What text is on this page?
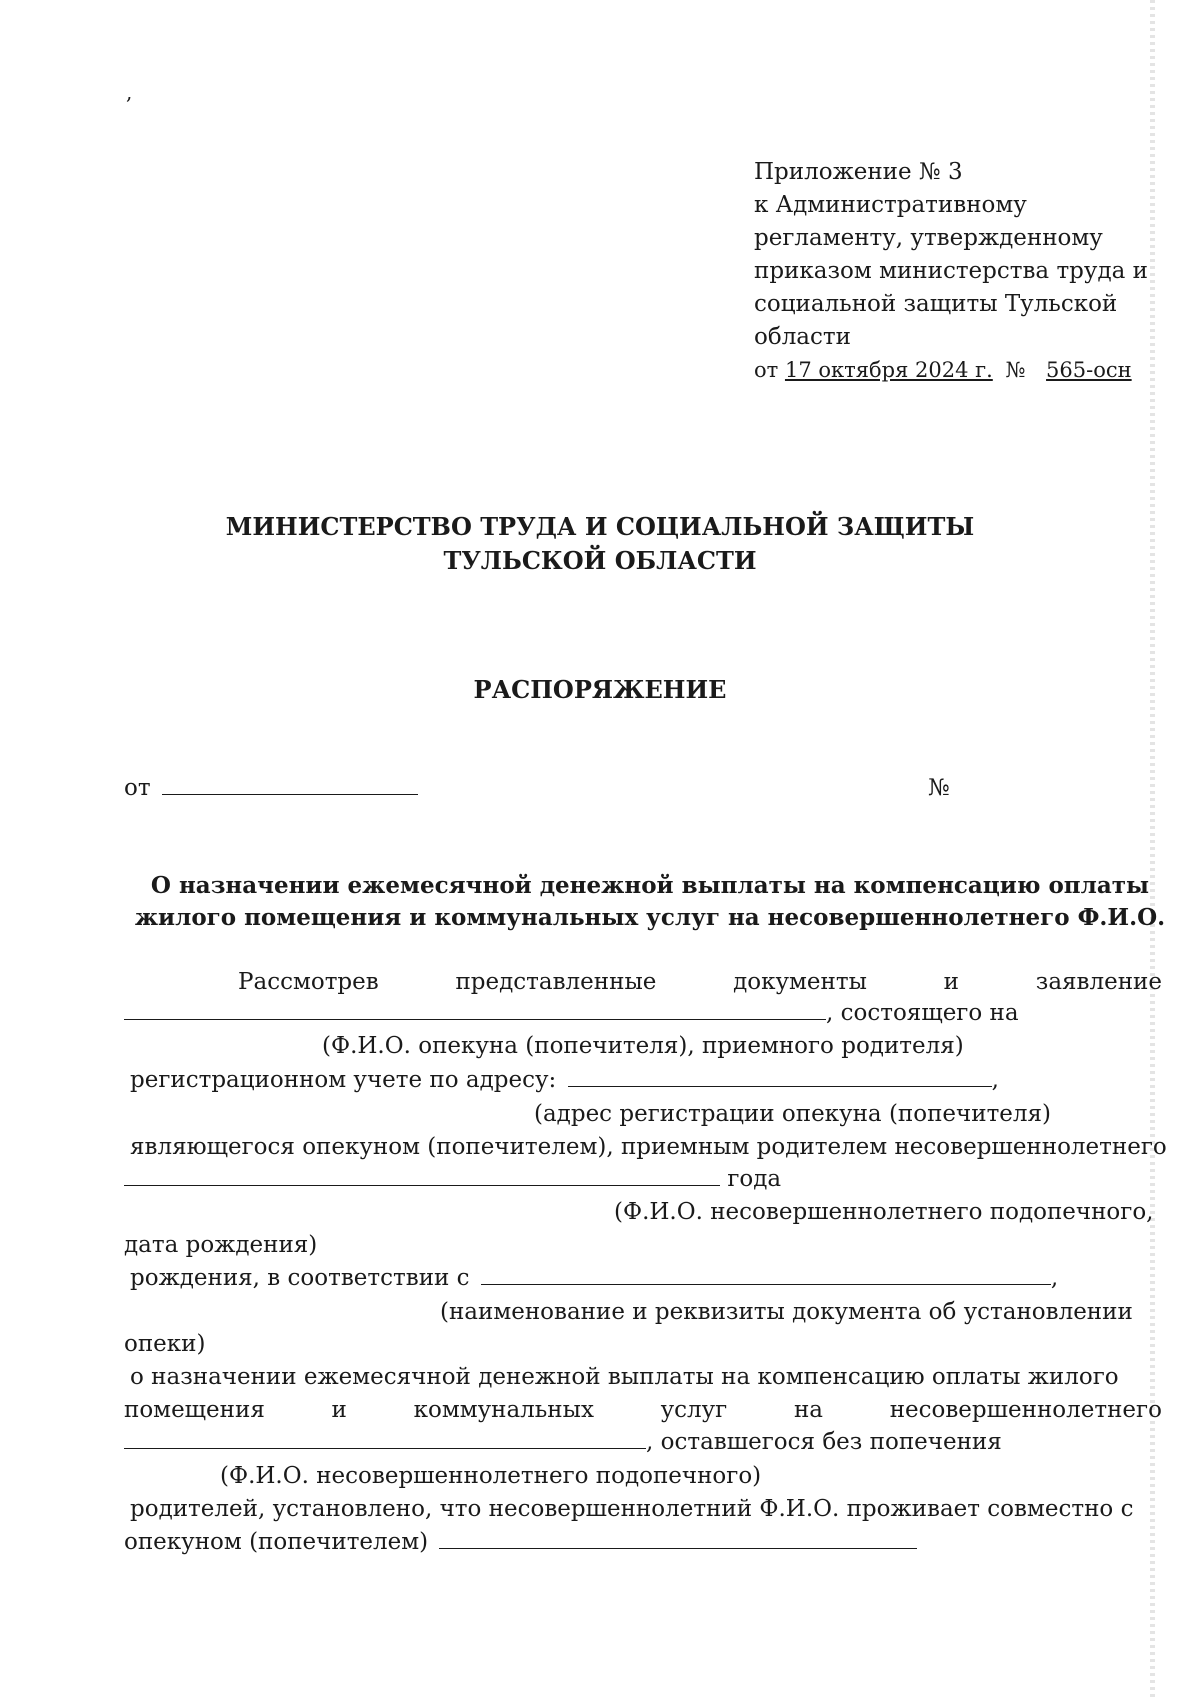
,
Приложение № 3
к Административному
регламенту, утвержденному
приказом министерства труда и
социальной защиты Тульской
области
от 17 октября 2024 г. № 565-осн
МИНИСТЕРСТВО ТРУДА И СОЦИАЛЬНОЙ ЗАЩИТЫ
ТУЛЬСКОЙ ОБЛАСТИ
РАСПОРЯЖЕНИЕ
от	№
О назначении ежемесячной денежной выплаты на компенсацию оплаты
жилого помещения и коммунальных услуг на несовершеннолетнего Ф.И.О.
Рассмотрев	представленные	документы	и	заявление
, состоящего на
(Ф.И.О. опекуна (попечителя), приемного родителя)
регистрационном учете по адресу:	,
(адрес регистрации опекуна (попечителя)
являющегося опекуном (попечителем), приемным родителем несовершеннолетнего
года
(Ф.И.О. несовершеннолетнего подопечного,
дата рождения)
рождения, в соответствии с	,
(наименование и реквизиты документа об установлении
опеки)
о назначении ежемесячной денежной выплаты на компенсацию оплаты жилого
помещения	и	коммунальных	услуг	на	несовершеннолетнего
, оставшегося без попечения
(Ф.И.О. несовершеннолетнего подопечного)
родителей, установлено, что несовершеннолетний Ф.И.О. проживает совместно с
опекуном (попечителем)
